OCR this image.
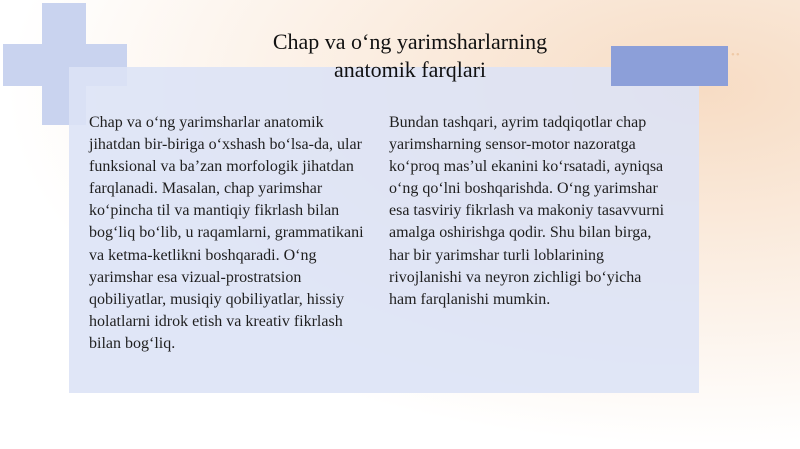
••
Chap va o‘ng yarimsharlarning
anatomik farqlari
Chap va o‘ng yarimsharlar anatomik jihatdan bir-biriga o‘xshash bo‘lsa-da, ular funksional va ba’zan morfologik jihatdan farqlanadi. Masalan, chap yarimshar ko‘pincha til va mantiqiy fikrlash bilan bog‘liq bo‘lib, u raqamlarni, grammatikani va ketma-ketlikni boshqaradi. O‘ng yarimshar esa vizual-prostratsion qobiliyatlar, musiqiy qobiliyatlar, hissiy holatlarni idrok etish va kreativ fikrlash bilan bog‘liq.
Bundan tashqari, ayrim tadqiqotlar chap yarimsharning sensor-motor nazoratga ko‘proq mas’ul ekanini ko‘rsatadi, ayniqsa o‘ng qo‘lni boshqarishda. O‘ng yarimshar esa tasviriy fikrlash va makoniy tasavvurni amalga oshirishga qodir. Shu bilan birga, har bir yarimshar turli loblarining rivojlanishi va neyron zichligi bo‘yicha ham farqlanishi mumkin.
